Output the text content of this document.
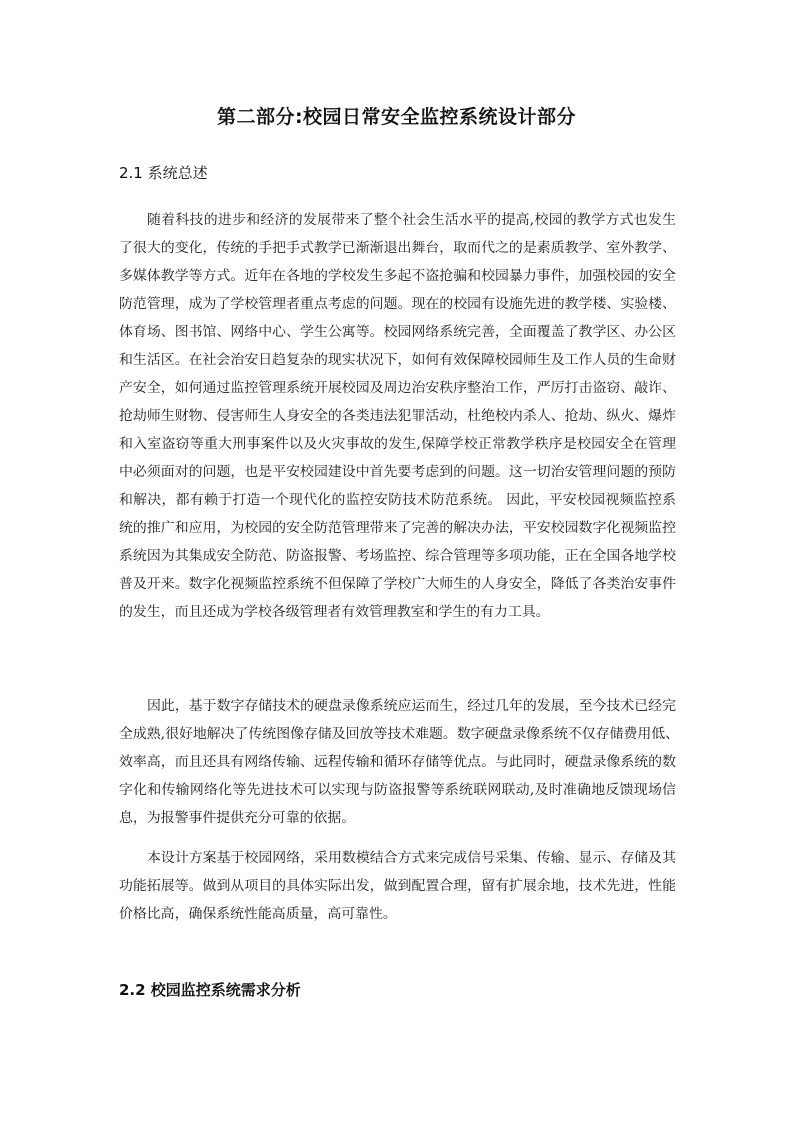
第二部分:校园日常安全监控系统设计部分
2.1 系统总述
随着科技的进步和经济的发展带来了整个社会生活水平的提高,校园的教学方式也发生
了很大的变化，传统的手把手式教学已渐渐退出舞台，取而代之的是素质教学、室外教学、
多媒体教学等方式。近年在各地的学校发生多起不盗抢骗和校园暴力事件，加强校园的安全
防范管理，成为了学校管理者重点考虑的问题。现在的校园有设施先进的教学楼、实验楼、
体育场、图书馆、网络中心、学生公寓等。校园网络系统完善，全面覆盖了教学区、办公区
和生活区。在社会治安日趋复杂的现实状况下，如何有效保障校园师生及工作人员的生命财
产安全，如何通过监控管理系统开展校园及周边治安秩序整治工作，严厉打击盗窃、敲诈、
抢劫师生财物、侵害师生人身安全的各类违法犯罪活动，杜绝校内杀人、抢劫、纵火、爆炸
和入室盗窃等重大刑事案件以及火灾事故的发生,保障学校正常教学秩序是校园安全在管理
中必须面对的问题，也是平安校园建设中首先要考虑到的问题。这一切治安管理问题的预防
和解决，都有赖于打造一个现代化的监控安防技术防范系统。 因此，平安校园视频监控系
统的推广和应用，为校园的安全防范管理带来了完善的解决办法，平安校园数字化视频监控
系统因为其集成安全防范、防盗报警、考场监控、综合管理等多项功能，正在全国各地学校
普及开来。数字化视频监控系统不但保障了学校广大师生的人身安全，降低了各类治安事件
的发生，而且还成为学校各级管理者有效管理教室和学生的有力工具。
因此，基于数字存储技术的硬盘录像系统应运而生，经过几年的发展，至今技术已经完
全成熟,很好地解决了传统图像存储及回放等技术难题。数字硬盘录像系统不仅存储费用低、
效率高，而且还具有网络传输、远程传输和循环存储等优点。与此同时，硬盘录像系统的数
字化和传输网络化等先进技术可以实现与防盗报警等系统联网联动,及时准确地反馈现场信
息，为报警事件提供充分可靠的依据。
本设计方案基于校园网络，采用数模结合方式来完成信号采集、传输、显示、存储及其
功能拓展等。做到从项目的具体实际出发，做到配置合理，留有扩展余地，技术先进，性能
价格比高，确保系统性能高质量，高可靠性。
2.2 校园监控系统需求分析
